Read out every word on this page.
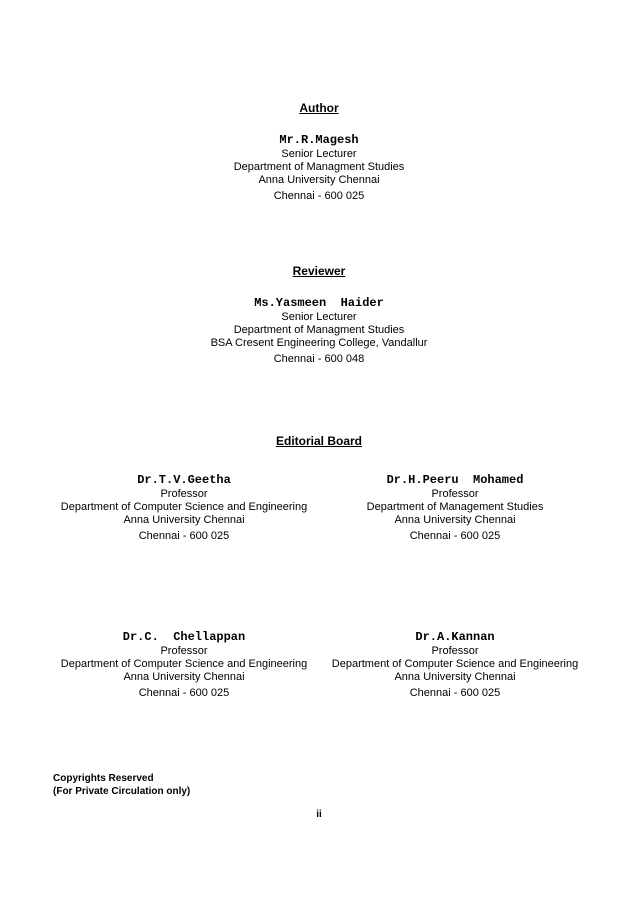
Author
Mr.R.Magesh
Senior Lecturer
Department of Managment Studies
Anna University Chennai
Chennai - 600 025
Reviewer
Ms.Yasmeen  Haider
Senior Lecturer
Department of Managment Studies
BSA Cresent Engineering College, Vandallur
Chennai - 600 048
Editorial Board
Dr.T.V.Geetha
Professor
Department of Computer Science and Engineering
Anna University Chennai
Chennai - 600 025
Dr.H.Peeru  Mohamed
Professor
Department of Management Studies
Anna University Chennai
Chennai - 600 025
Dr.C.  Chellappan
Professor
Department of Computer Science and Engineering
Anna University Chennai
Chennai - 600 025
Dr.A.Kannan
Professor
Department of Computer Science and Engineering
Anna University Chennai
Chennai - 600 025
Copyrights Reserved
(For Private Circulation only)
ii
